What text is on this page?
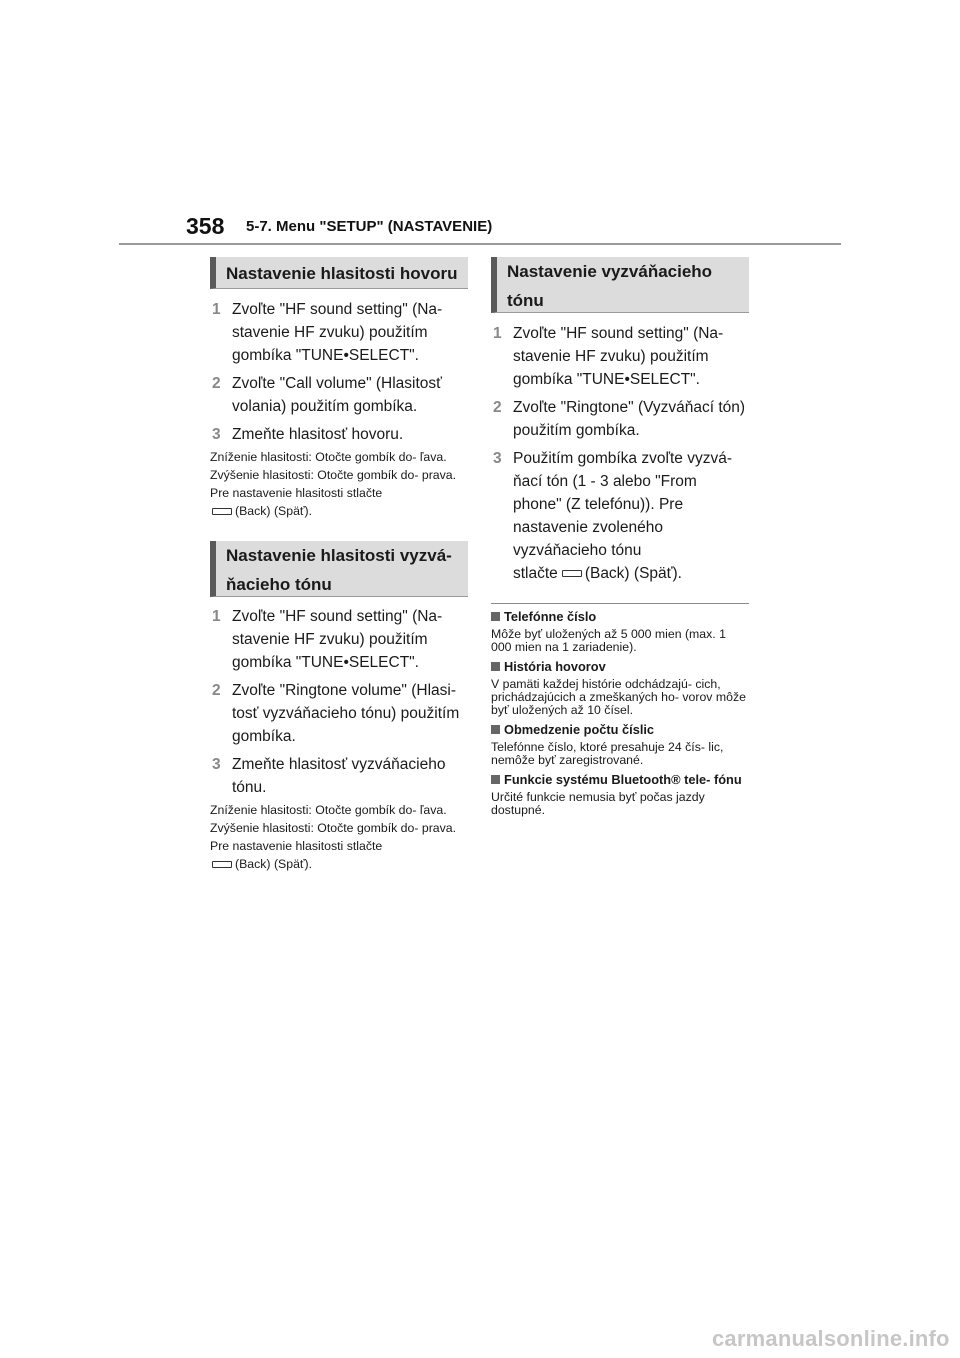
358 5-7. Menu "SETUP" (NASTAVENIE)
Nastavenie hlasitosti hovoru
1 Zvoľte "HF sound setting" (Na- stavenie HF zvuku) použitím gombíka "TUNE•SELECT".
2 Zvoľte "Call volume" (Hlasitosť volania) použitím gombíka.
3 Zmeňte hlasitosť hovoru.

Zníženie hlasitosti: Otočte gombík do- ľava.

Zvýšenie hlasitosti: Otočte gombík do- prava.

Pre nastavenie hlasitosti stlačte

(Back) (Späť).
Nastavenie hlasitosti vyzvá-
ňacieho tónu
1 Zvoľte "HF sound setting" (Na- stavenie HF zvuku) použitím gombíka "TUNE•SELECT".
2 Zvoľte "Ringtone volume" (Hlasi- tosť vyzváňacieho tónu) použitím gombíka.
3 Zmeňte hlasitosť vyzváňacieho tónu.

Zníženie hlasitosti: Otočte gombík do- ľava.

Zvýšenie hlasitosti: Otočte gombík do- prava.

Pre nastavenie hlasitosti stlačte

(Back) (Späť).
Nastavenie vyzváňacieho
tónu
1 Zvoľte "HF sound setting" (Na- stavenie HF zvuku) použitím gombíka "TUNE•SELECT".
2 Zvoľte "Ringtone" (Vyzváňací tón) použitím gombíka.
3 Použitím gombíka zvoľte vyzvá- ňací tón (1 - 3 alebo "From phone" (Z telefónu)). Pre nastavenie zvoleného vyzváňacieho tónu
stlačte (Back) (Späť).
Telefónne číslo

Môže byť uložených až 5 000 mien (max. 1 000 mien na 1 zariadenie).

História hovorov

V pamäti každej histórie odchádzajú- cich, prichádzajúcich a zmeškaných ho- vorov môže byť uložených až 10 čísel.

Obmedzenie počtu číslic

Telefónne číslo, ktoré presahuje 24 čís- lic, nemôže byť zaregistrované.

Funkcie systému Bluetooth® tele- fónu

Určité funkcie nemusia byť počas jazdy dostupné.

carmanualsonline.info
